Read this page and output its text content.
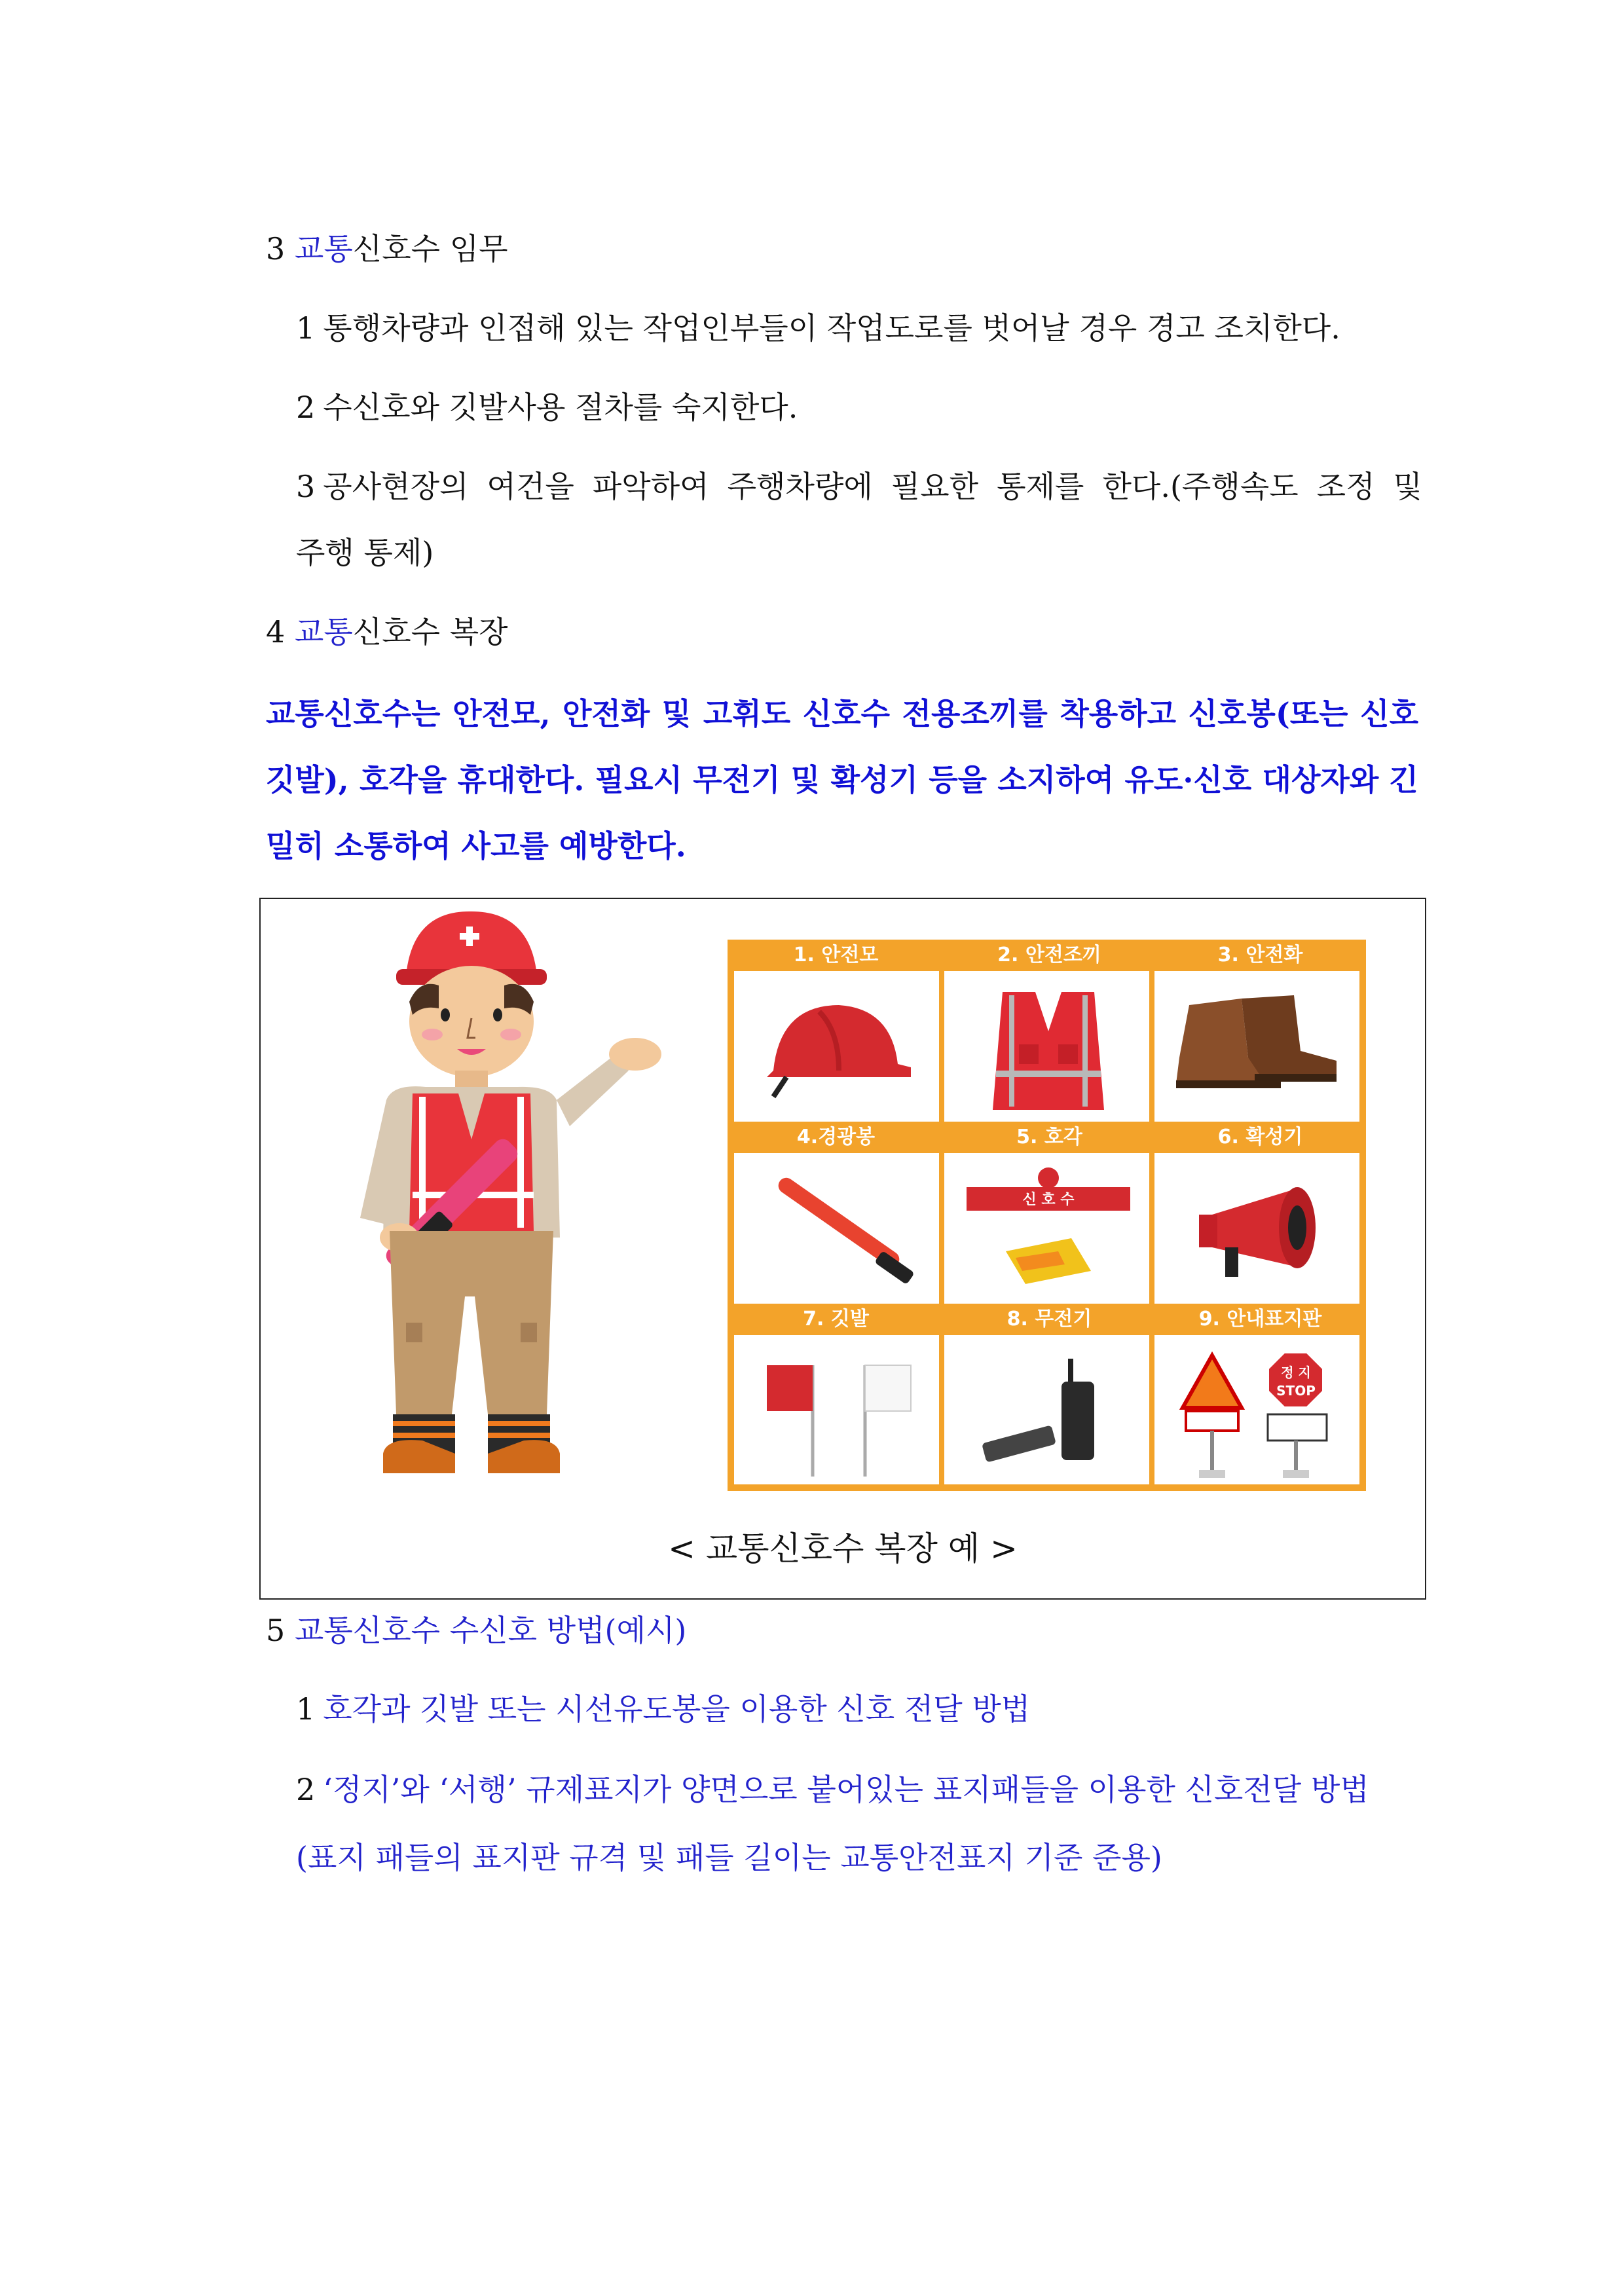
3 교통신호수 임무
1 통행차량과 인접해 있는 작업인부들이 작업도로를 벗어날 경우 경고 조치한다.
2 수신호와 깃발사용 절차를 숙지한다.
3 공사현장의 여건을 파악하여 주행차량에 필요한 통제를 한다.(주행속도 조정 및
주행 통제)
4 교통신호수 복장
교통신호수는 안전모, 안전화 및 고휘도 신호수 전용조끼를 착용하고 신호봉(또는 신호깃발), 호각을 휴대한다. 필요시 무전기 및 확성기 등을 소지하여 유도·신호 대상자와 긴밀히 소통하여 사고를 예방한다.
1. 안전모	2. 안전조끼	3. 안전화
4.경광봉	5. 호각	6. 확성기
7. 깃발	8. 무전기	9. 안내표지판
신 호 수
정 지
STOP
< 교통신호수 복장 예 >
5 교통신호수 수신호 방법(예시)
1 호각과 깃발 또는 시선유도봉을 이용한 신호 전달 방법
2 ‘정지’와 ‘서행’ 규제표지가 양면으로 붙어있는 표지패들을 이용한 신호전달 방법
(표지 패들의 표지판 규격 및 패들 길이는 교통안전표지 기준 준용)
